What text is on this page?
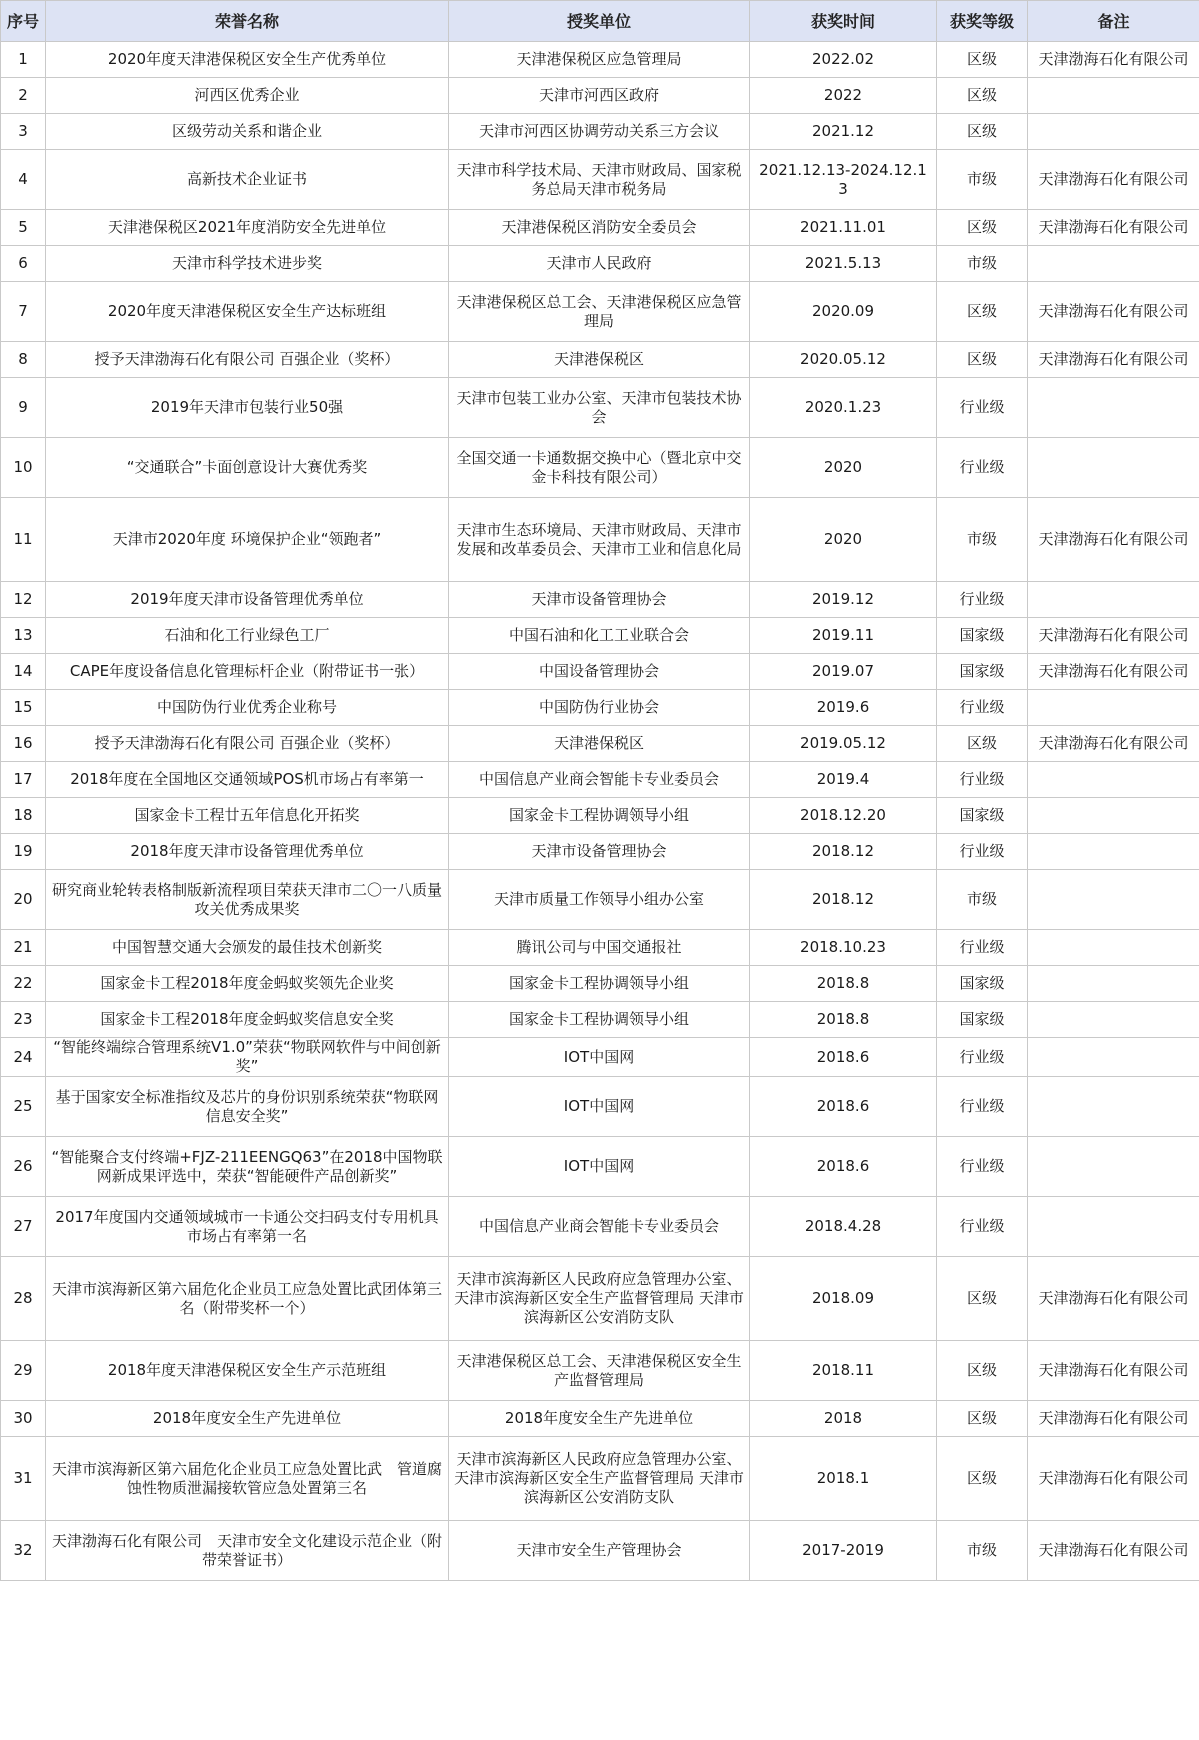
序号	荣誉名称	授奖单位	获奖时间	获奖等级	备注
1	2020年度天津港保税区安全生产优秀单位	天津港保税区应急管理局	2022.02	区级	天津渤海石化有限公司
2	河西区优秀企业	天津市河西区政府	2022	区级	
3	区级劳动关系和谐企业	天津市河西区协调劳动关系三方会议	2021.12	区级	
4	高新技术企业证书	天津市科学技术局、天津市财政局、国家税务总局天津市税务局	2021.12.13-2024.12.13	市级	天津渤海石化有限公司
5	天津港保税区2021年度消防安全先进单位	天津港保税区消防安全委员会	2021.11.01	区级	天津渤海石化有限公司
6	天津市科学技术进步奖	天津市人民政府	2021.5.13	市级	
7	2020年度天津港保税区安全生产达标班组	天津港保税区总工会、天津港保税区应急管理局	2020.09	区级	天津渤海石化有限公司
8	授予天津渤海石化有限公司 百强企业（奖杯）	天津港保税区	2020.05.12	区级	天津渤海石化有限公司
9	2019年天津市包装行业50强	天津市包装工业办公室、天津市包装技术协会	2020.1.23	行业级	
10	“交通联合”卡面创意设计大赛优秀奖	全国交通一卡通数据交换中心（暨北京中交金卡科技有限公司）	2020	行业级	
11	天津市2020年度 环境保护企业“领跑者”	天津市生态环境局、天津市财政局、天津市发展和改革委员会、天津市工业和信息化局	2020	市级	天津渤海石化有限公司
12	2019年度天津市设备管理优秀单位	天津市设备管理协会	2019.12	行业级	
13	石油和化工行业绿色工厂	中国石油和化工工业联合会	2019.11	国家级	天津渤海石化有限公司
14	CAPE年度设备信息化管理标杆企业（附带证书一张）	中国设备管理协会	2019.07	国家级	天津渤海石化有限公司
15	中国防伪行业优秀企业称号	中国防伪行业协会	2019.6	行业级	
16	授予天津渤海石化有限公司 百强企业（奖杯）	天津港保税区	2019.05.12	区级	天津渤海石化有限公司
17	2018年度在全国地区交通领域POS机市场占有率第一	中国信息产业商会智能卡专业委员会	2019.4	行业级	
18	国家金卡工程廿五年信息化开拓奖	国家金卡工程协调领导小组	2018.12.20	国家级	
19	2018年度天津市设备管理优秀单位	天津市设备管理协会	2018.12	行业级	
20	研究商业轮转表格制版新流程项目荣获天津市二〇一八质量攻关优秀成果奖	天津市质量工作领导小组办公室	2018.12	市级	
21	中国智慧交通大会颁发的最佳技术创新奖	腾讯公司与中国交通报社	2018.10.23	行业级	
22	国家金卡工程2018年度金蚂蚁奖领先企业奖	国家金卡工程协调领导小组	2018.8	国家级	
23	国家金卡工程2018年度金蚂蚁奖信息安全奖	国家金卡工程协调领导小组	2018.8	国家级	
24	“智能终端综合管理系统V1.0”荣获“物联网软件与中间创新奖”	IOT中国网	2018.6	行业级	
25	基于国家安全标准指纹及芯片的身份识别系统荣获“物联网信息安全奖”	IOT中国网	2018.6	行业级	
26	“智能聚合支付终端+FJZ-211EENGQ63”在2018中国物联网新成果评选中，荣获“智能硬件产品创新奖”	IOT中国网	2018.6	行业级	
27	2017年度国内交通领域城市一卡通公交扫码支付专用机具市场占有率第一名	中国信息产业商会智能卡专业委员会	2018.4.28	行业级	
28	天津市滨海新区第六届危化企业员工应急处置比武团体第三名（附带奖杯一个）	天津市滨海新区人民政府应急管理办公室、天津市滨海新区安全生产监督管理局 天津市滨海新区公安消防支队	2018.09	区级	天津渤海石化有限公司
29	2018年度天津港保税区安全生产示范班组	天津港保税区总工会、天津港保税区安全生产监督管理局	2018.11	区级	天津渤海石化有限公司
30	2018年度安全生产先进单位	2018年度安全生产先进单位	2018	区级	天津渤海石化有限公司
31	天津市滨海新区第六届危化企业员工应急处置比武　管道腐蚀性物质泄漏接软管应急处置第三名	天津市滨海新区人民政府应急管理办公室、天津市滨海新区安全生产监督管理局 天津市滨海新区公安消防支队	2018.1	区级	天津渤海石化有限公司
32	天津渤海石化有限公司　天津市安全文化建设示范企业（附带荣誉证书）	天津市安全生产管理协会	2017-2019	市级	天津渤海石化有限公司
